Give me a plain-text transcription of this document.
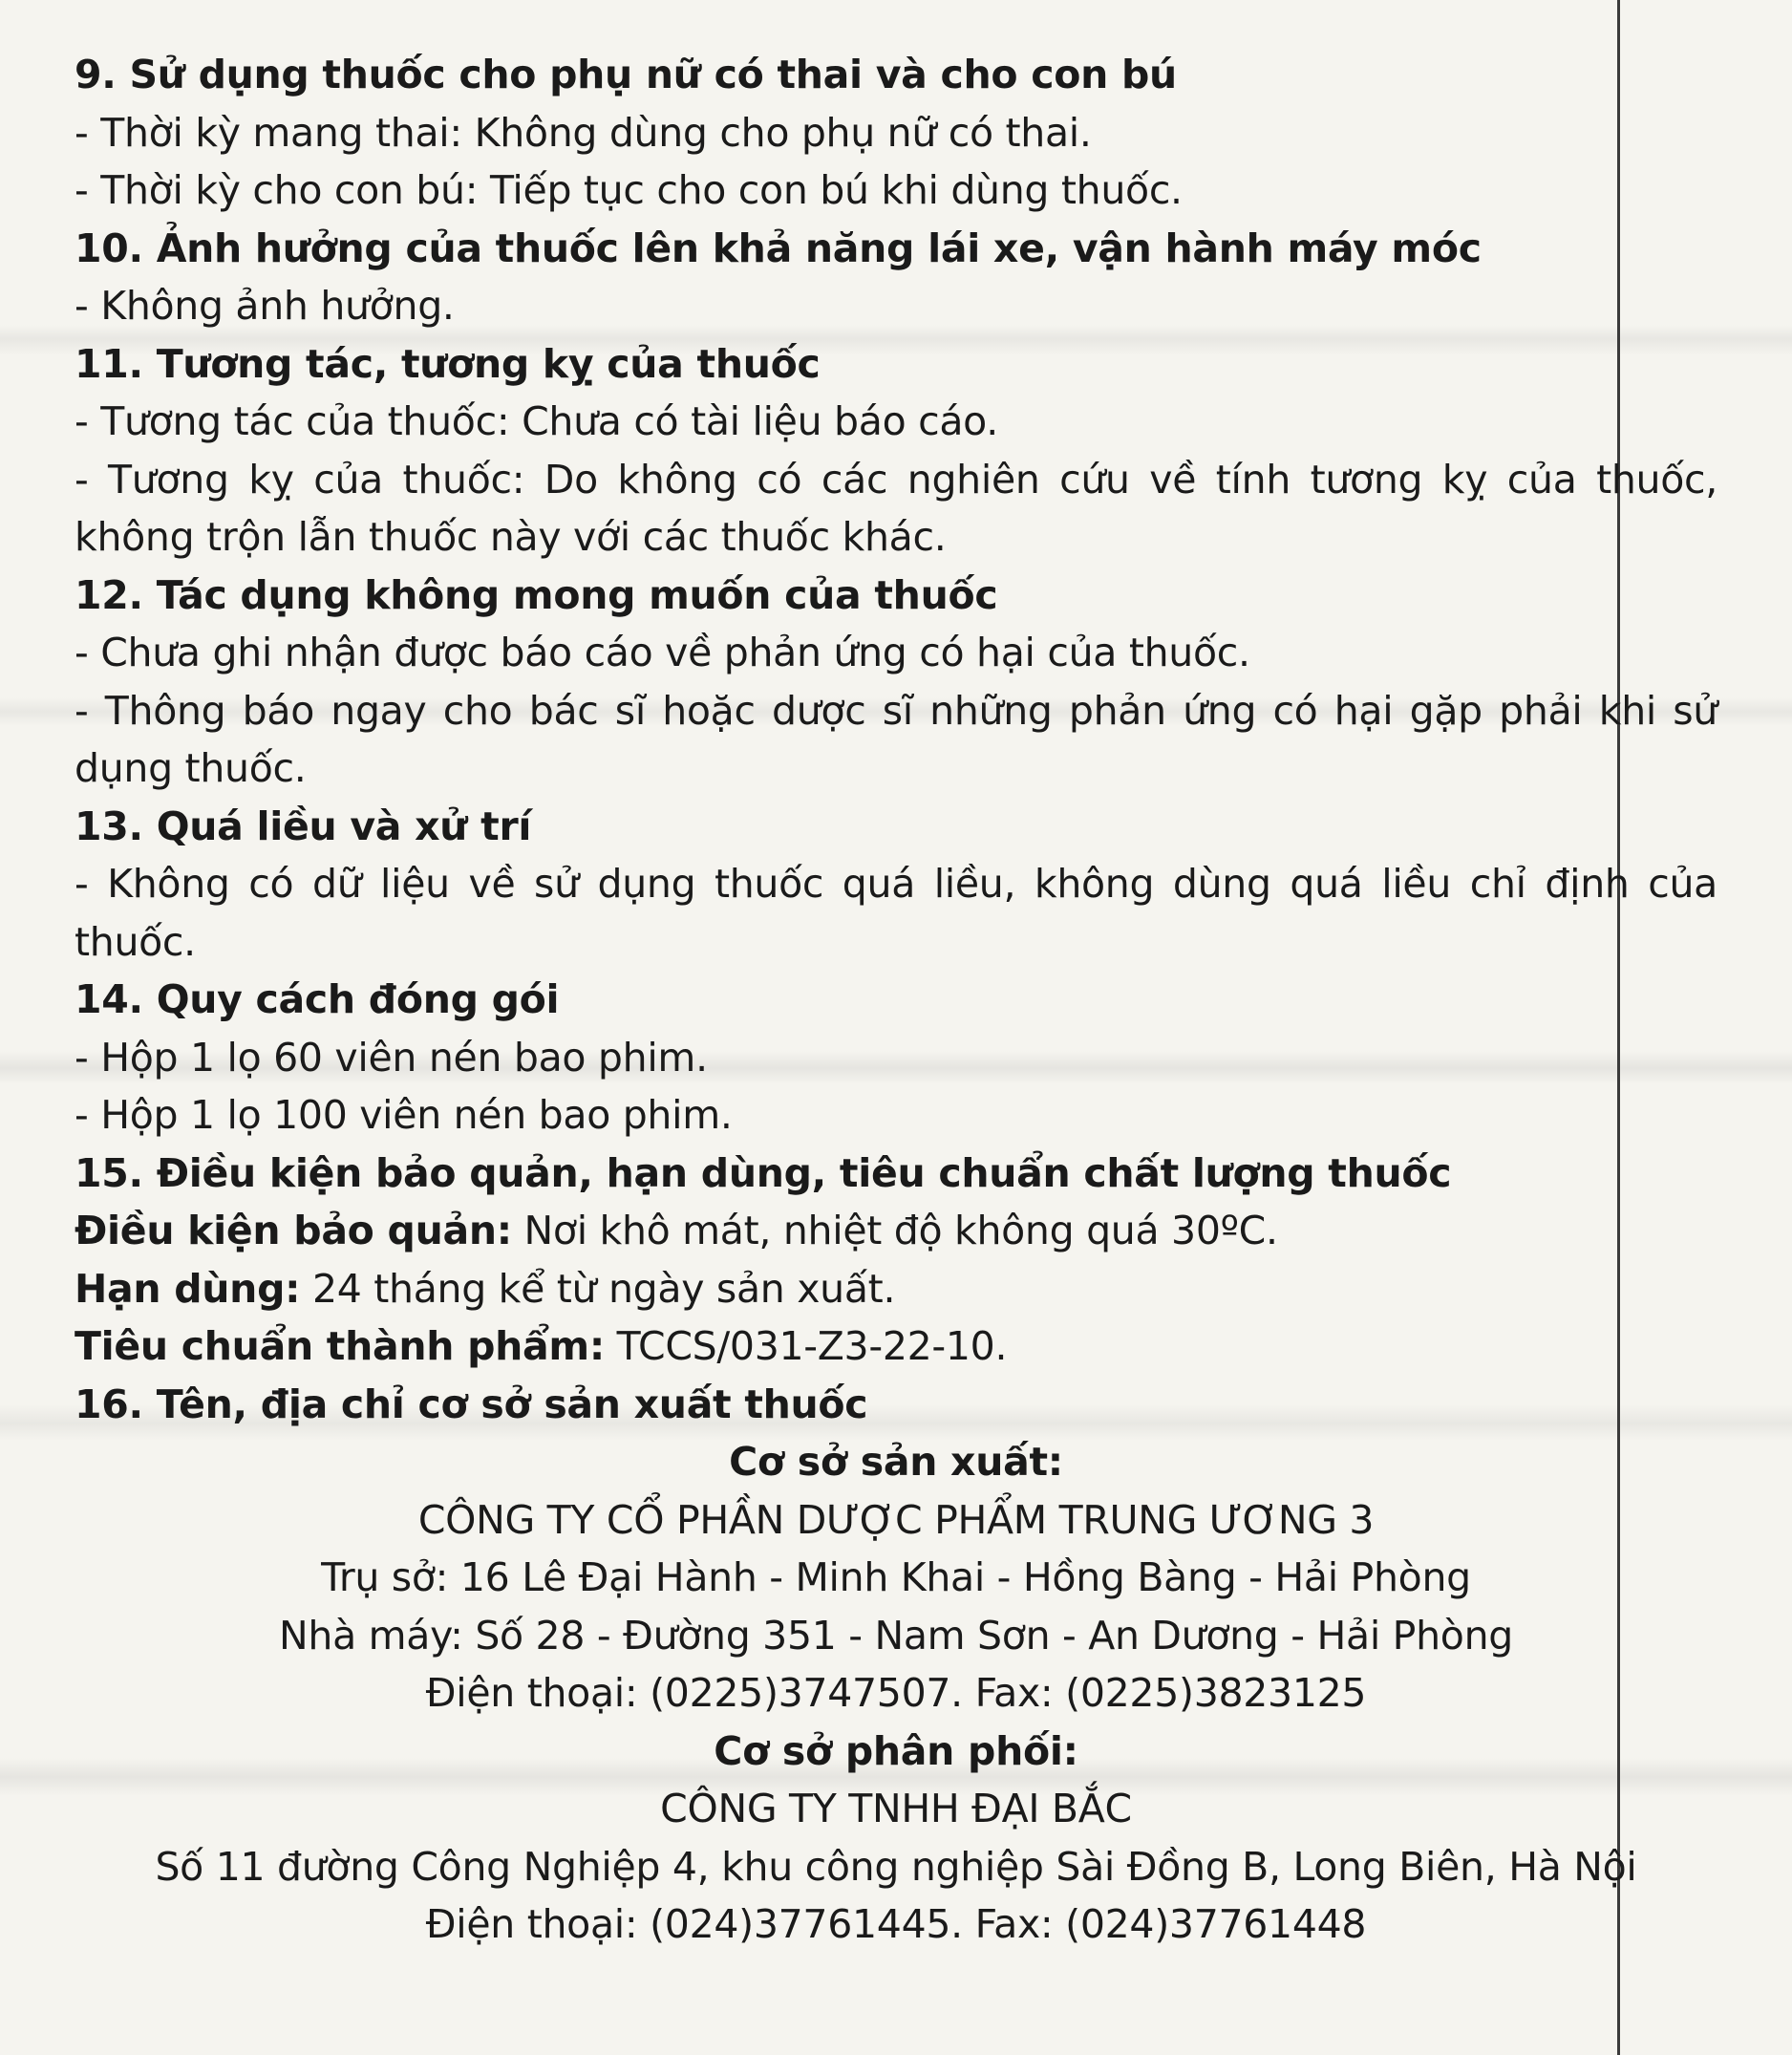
9. Sử dụng thuốc cho phụ nữ có thai và cho con bú
- Thời kỳ mang thai: Không dùng cho phụ nữ có thai.
- Thời kỳ cho con bú: Tiếp tục cho con bú khi dùng thuốc.
10. Ảnh hưởng của thuốc lên khả năng lái xe, vận hành máy móc
- Không ảnh hưởng.
11. Tương tác, tương kỵ của thuốc
- Tương tác của thuốc: Chưa có tài liệu báo cáo.
- Tương kỵ của thuốc: Do không có các nghiên cứu về tính tương kỵ của thuốc,
không trộn lẫn thuốc này với các thuốc khác.
12. Tác dụng không mong muốn của thuốc
- Chưa ghi nhận được báo cáo về phản ứng có hại của thuốc.
- Thông báo ngay cho bác sĩ hoặc dược sĩ những phản ứng có hại gặp phải khi sử
dụng thuốc.
13. Quá liều và xử trí
- Không có dữ liệu về sử dụng thuốc quá liều, không dùng quá liều chỉ định của
thuốc.
14. Quy cách đóng gói
- Hộp 1 lọ 60 viên nén bao phim.
- Hộp 1 lọ 100 viên nén bao phim.
15. Điều kiện bảo quản, hạn dùng, tiêu chuẩn chất lượng thuốc
Điều kiện bảo quản: Nơi khô mát, nhiệt độ không quá 30ºC.
Hạn dùng: 24 tháng kể từ ngày sản xuất.
Tiêu chuẩn thành phẩm: TCCS/031-Z3-22-10.
16. Tên, địa chỉ cơ sở sản xuất thuốc
Cơ sở sản xuất:
CÔNG TY CỔ PHẦN DƯỢC PHẨM TRUNG ƯƠNG 3
Trụ sở: 16 Lê Đại Hành - Minh Khai - Hồng Bàng - Hải Phòng
Nhà máy: Số 28 - Đường 351 - Nam Sơn - An Dương - Hải Phòng
Điện thoại: (0225)3747507. Fax: (0225)3823125
Cơ sở phân phối:
CÔNG TY TNHH ĐẠI BẮC
Số 11 đường Công Nghiệp 4, khu công nghiệp Sài Đồng B, Long Biên, Hà Nội
Điện thoại: (024)37761445. Fax: (024)37761448
